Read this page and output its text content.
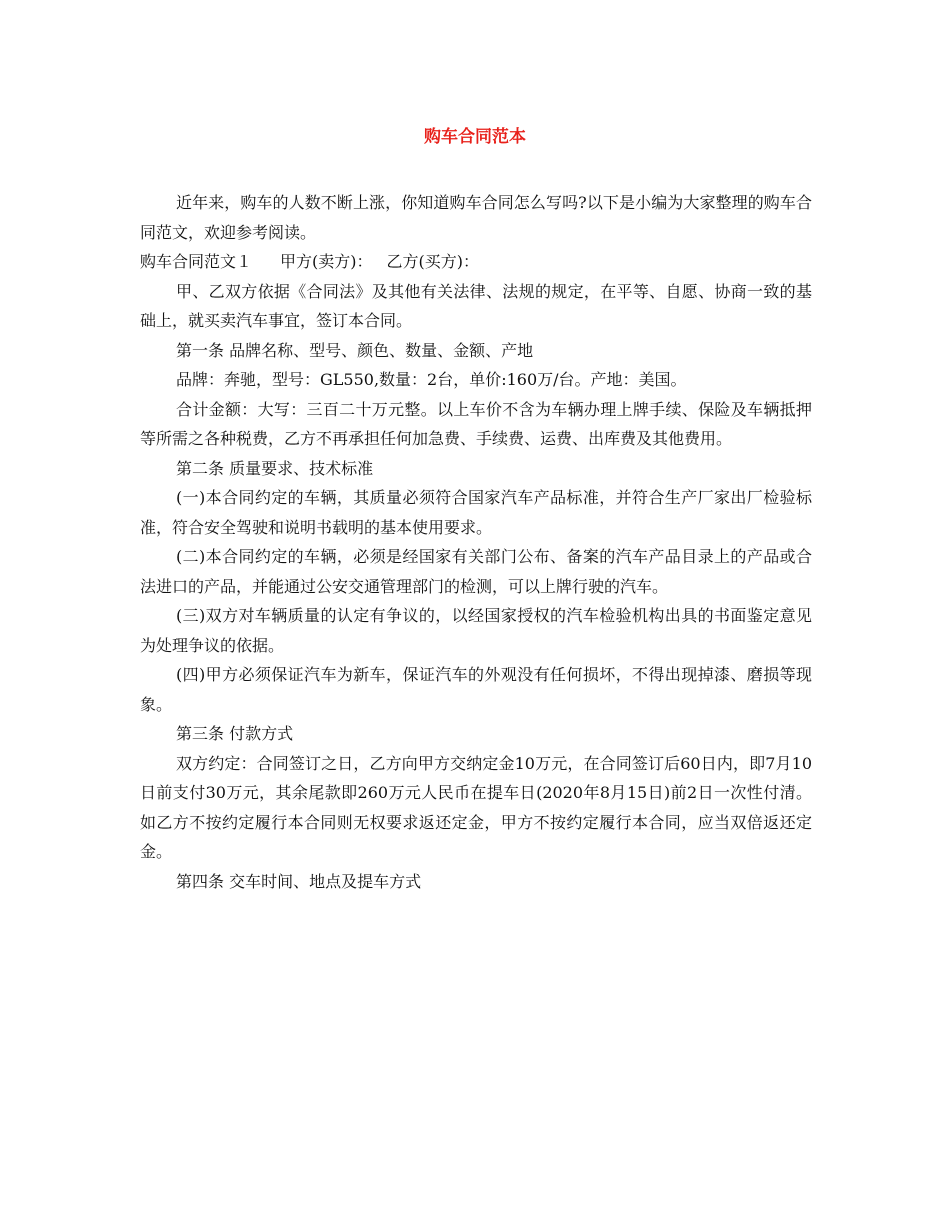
购车合同范本

近年来，购车的人数不断上涨，你知道购车合同怎么写吗?以下是小编为大家整理的购车合同范文，欢迎参考阅读。

购车合同范文１ 甲方(卖方)： 乙方(买方)：

甲、乙双方依据《合同法》及其他有关法律、法规的规定，在平等、自愿、协商一致的基础上，就买卖汽车事宜，签订本合同。

第一条 品牌名称、型号、颜色、数量、金额、产地

品牌：奔驰，型号：GL550,数量：2台，单价:160万/台。产地：美国。

合计金额：大写：三百二十万元整。以上车价不含为车辆办理上牌手续、保险及车辆抵押等所需之各种税费，乙方不再承担任何加急费、手续费、运费、出库费及其他费用。

第二条 质量要求、技术标准

(一)本合同约定的车辆，其质量必须符合国家汽车产品标准，并符合生产厂家出厂检验标准，符合安全驾驶和说明书载明的基本使用要求。

(二)本合同约定的车辆，必须是经国家有关部门公布、备案的汽车产品目录上的产品或合法进口的产品，并能通过公安交通管理部门的检测，可以上牌行驶的汽车。

(三)双方对车辆质量的认定有争议的，以经国家授权的汽车检验机构出具的书面鉴定意见为处理争议的依据。

(四)甲方必须保证汽车为新车，保证汽车的外观没有任何损坏，不得出现掉漆、磨损等现象。

第三条 付款方式

双方约定：合同签订之日，乙方向甲方交纳定金10万元，在合同签订后60日内，即7月10日前支付30万元，其余尾款即260万元人民币在提车日(2020年8月15日)前2日一次性付清。如乙方不按约定履行本合同则无权要求返还定金，甲方不按约定履行本合同，应当双倍返还定金。

第四条 交车时间、地点及提车方式
